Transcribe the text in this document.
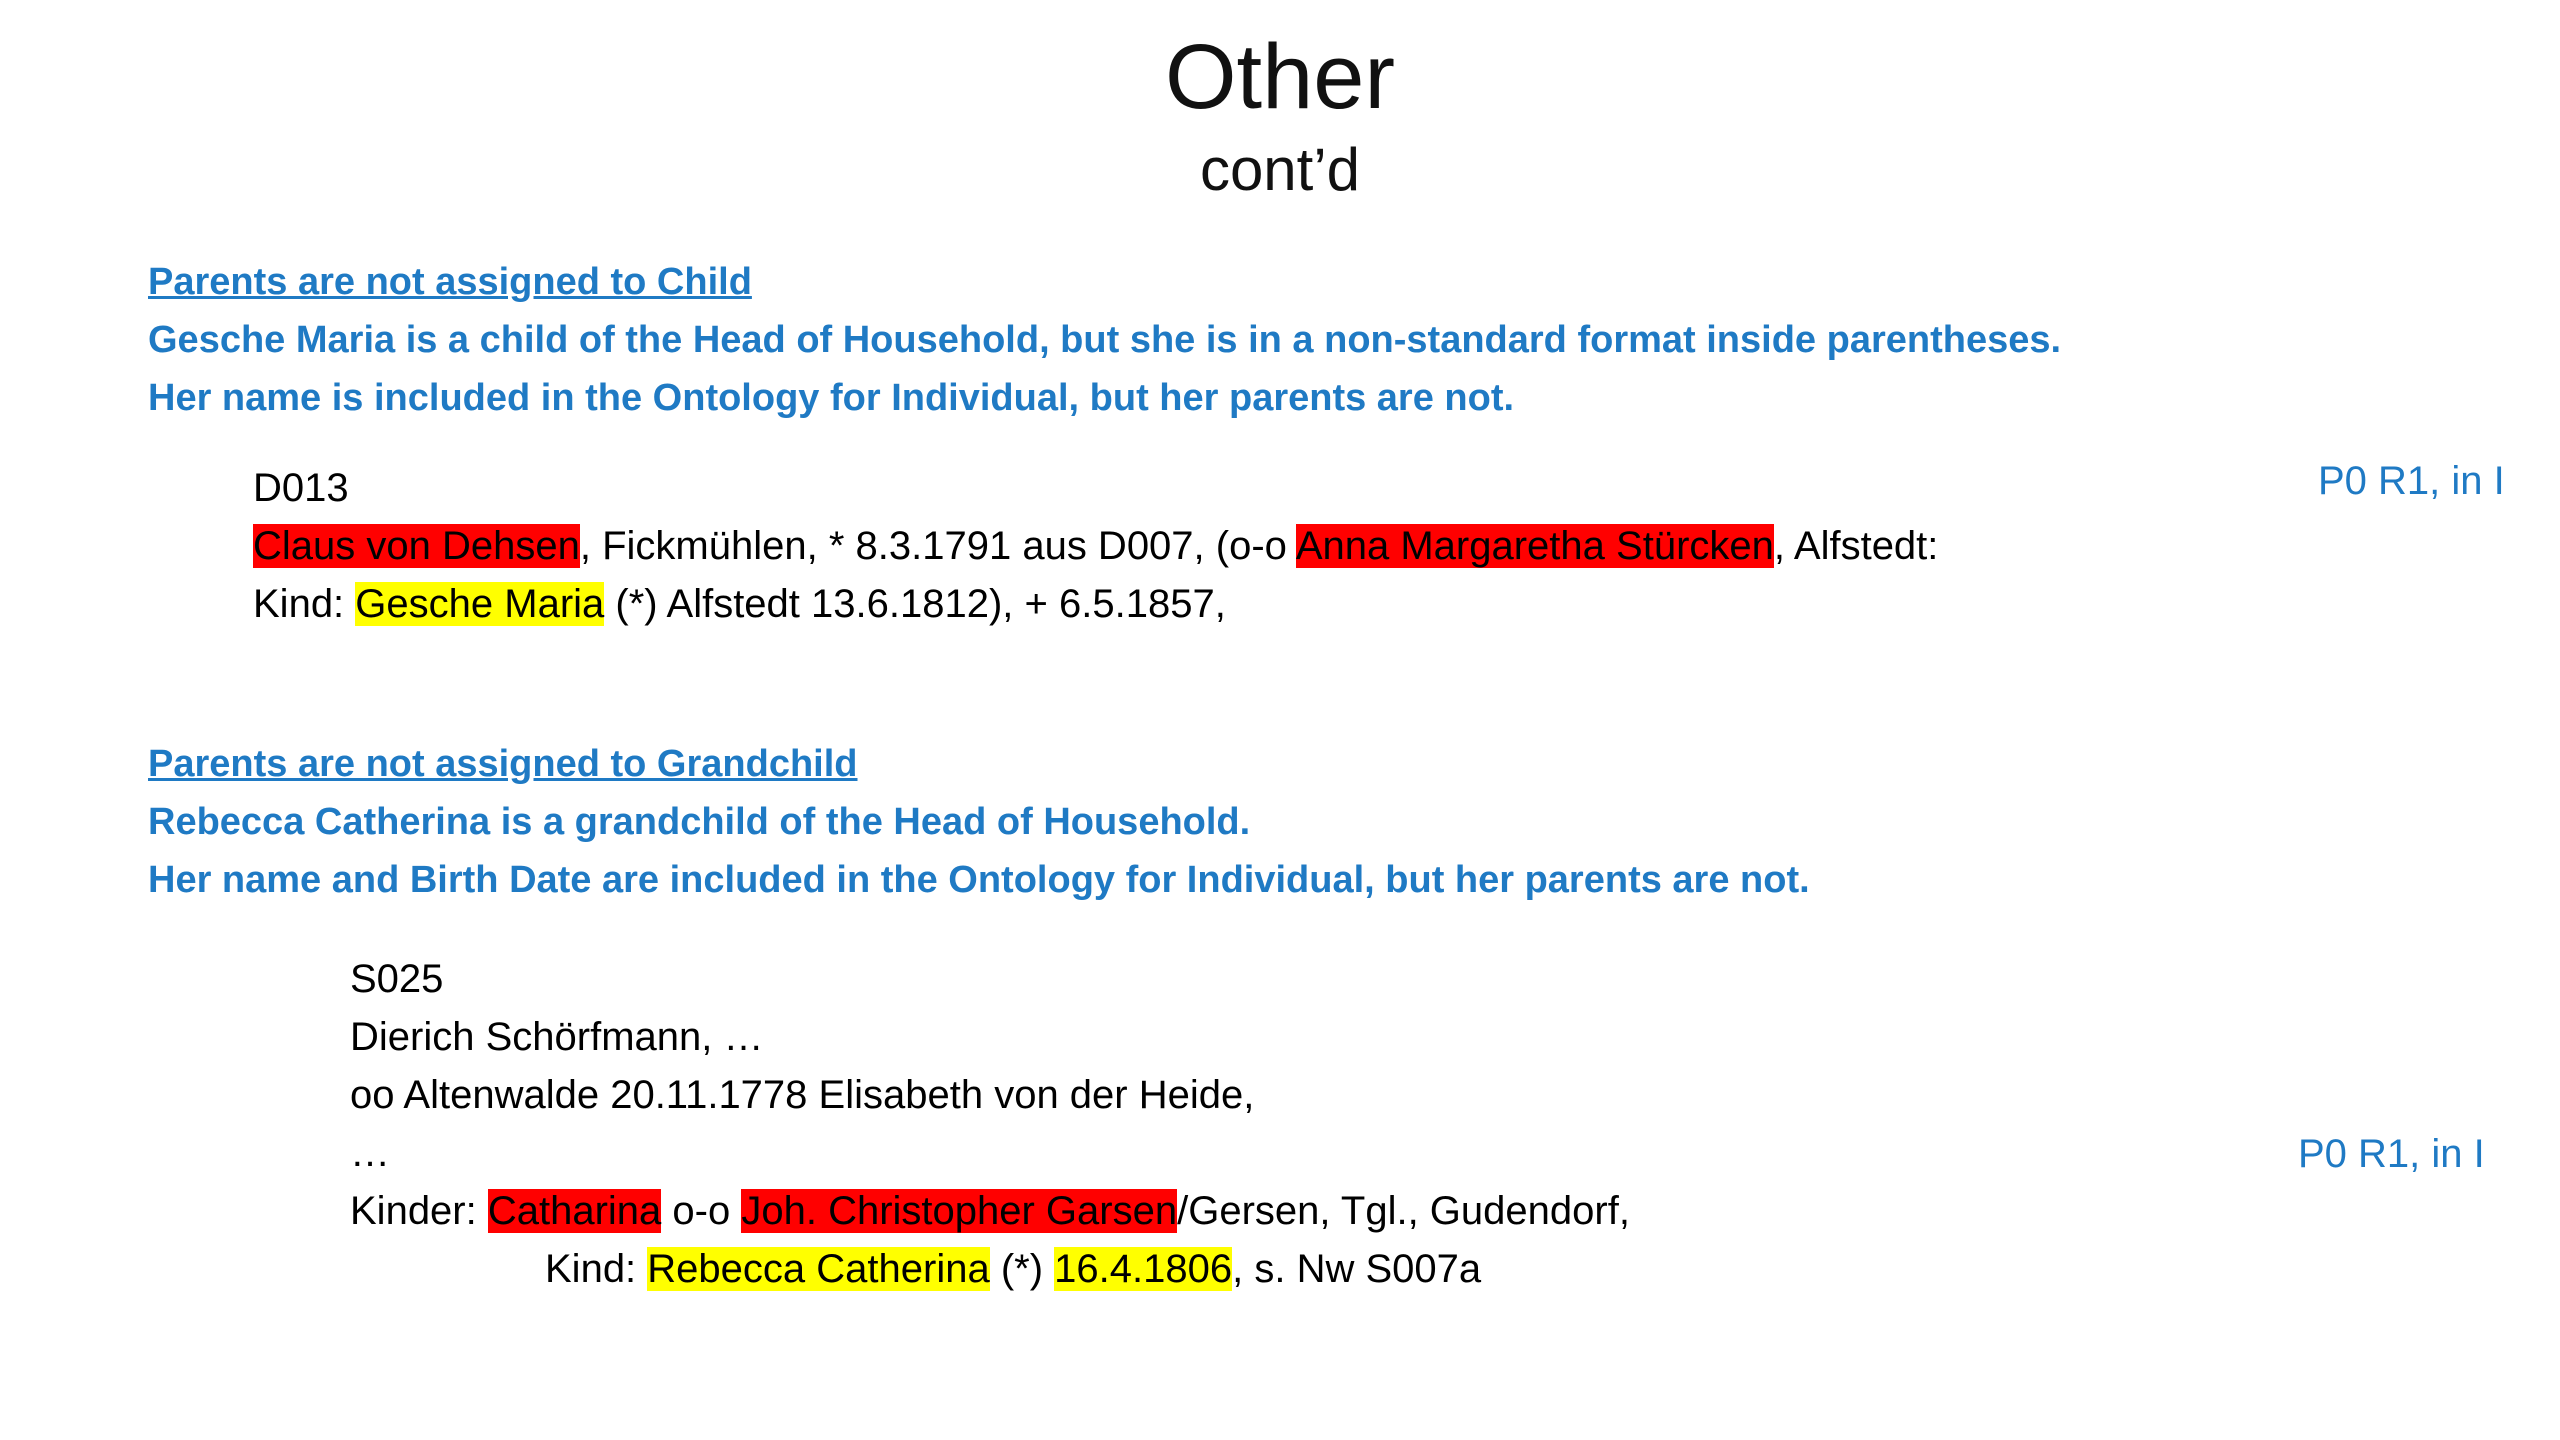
Other
cont’d
Parents are not assigned to Child
Gesche Maria is a child of the Head of Household, but she is in a non-standard format inside parentheses.
Her name is included in the Ontology for Individual, but her parents are not.
P0 R1, in I
D013
Claus von Dehsen, Fickmühlen, * 8.3.1791 aus D007, (o-o Anna Margaretha Stürcken, Alfstedt:
Kind: Gesche Maria (*) Alfstedt 13.6.1812), + 6.5.1857,
Parents are not assigned to Grandchild
Rebecca Catherina is a grandchild of the Head of Household.
Her name and Birth Date are included in the Ontology for Individual, but her parents are not.
P0 R1, in I
S025
Dierich Schörfmann, …
oo Altenwalde 20.11.1778 Elisabeth von der Heide,
…
Kinder: Catharina o-o Joh. Christopher Garsen/Gersen, Tgl., Gudendorf,
Kind: Rebecca Catherina (*) 16.4.1806, s. Nw S007a
